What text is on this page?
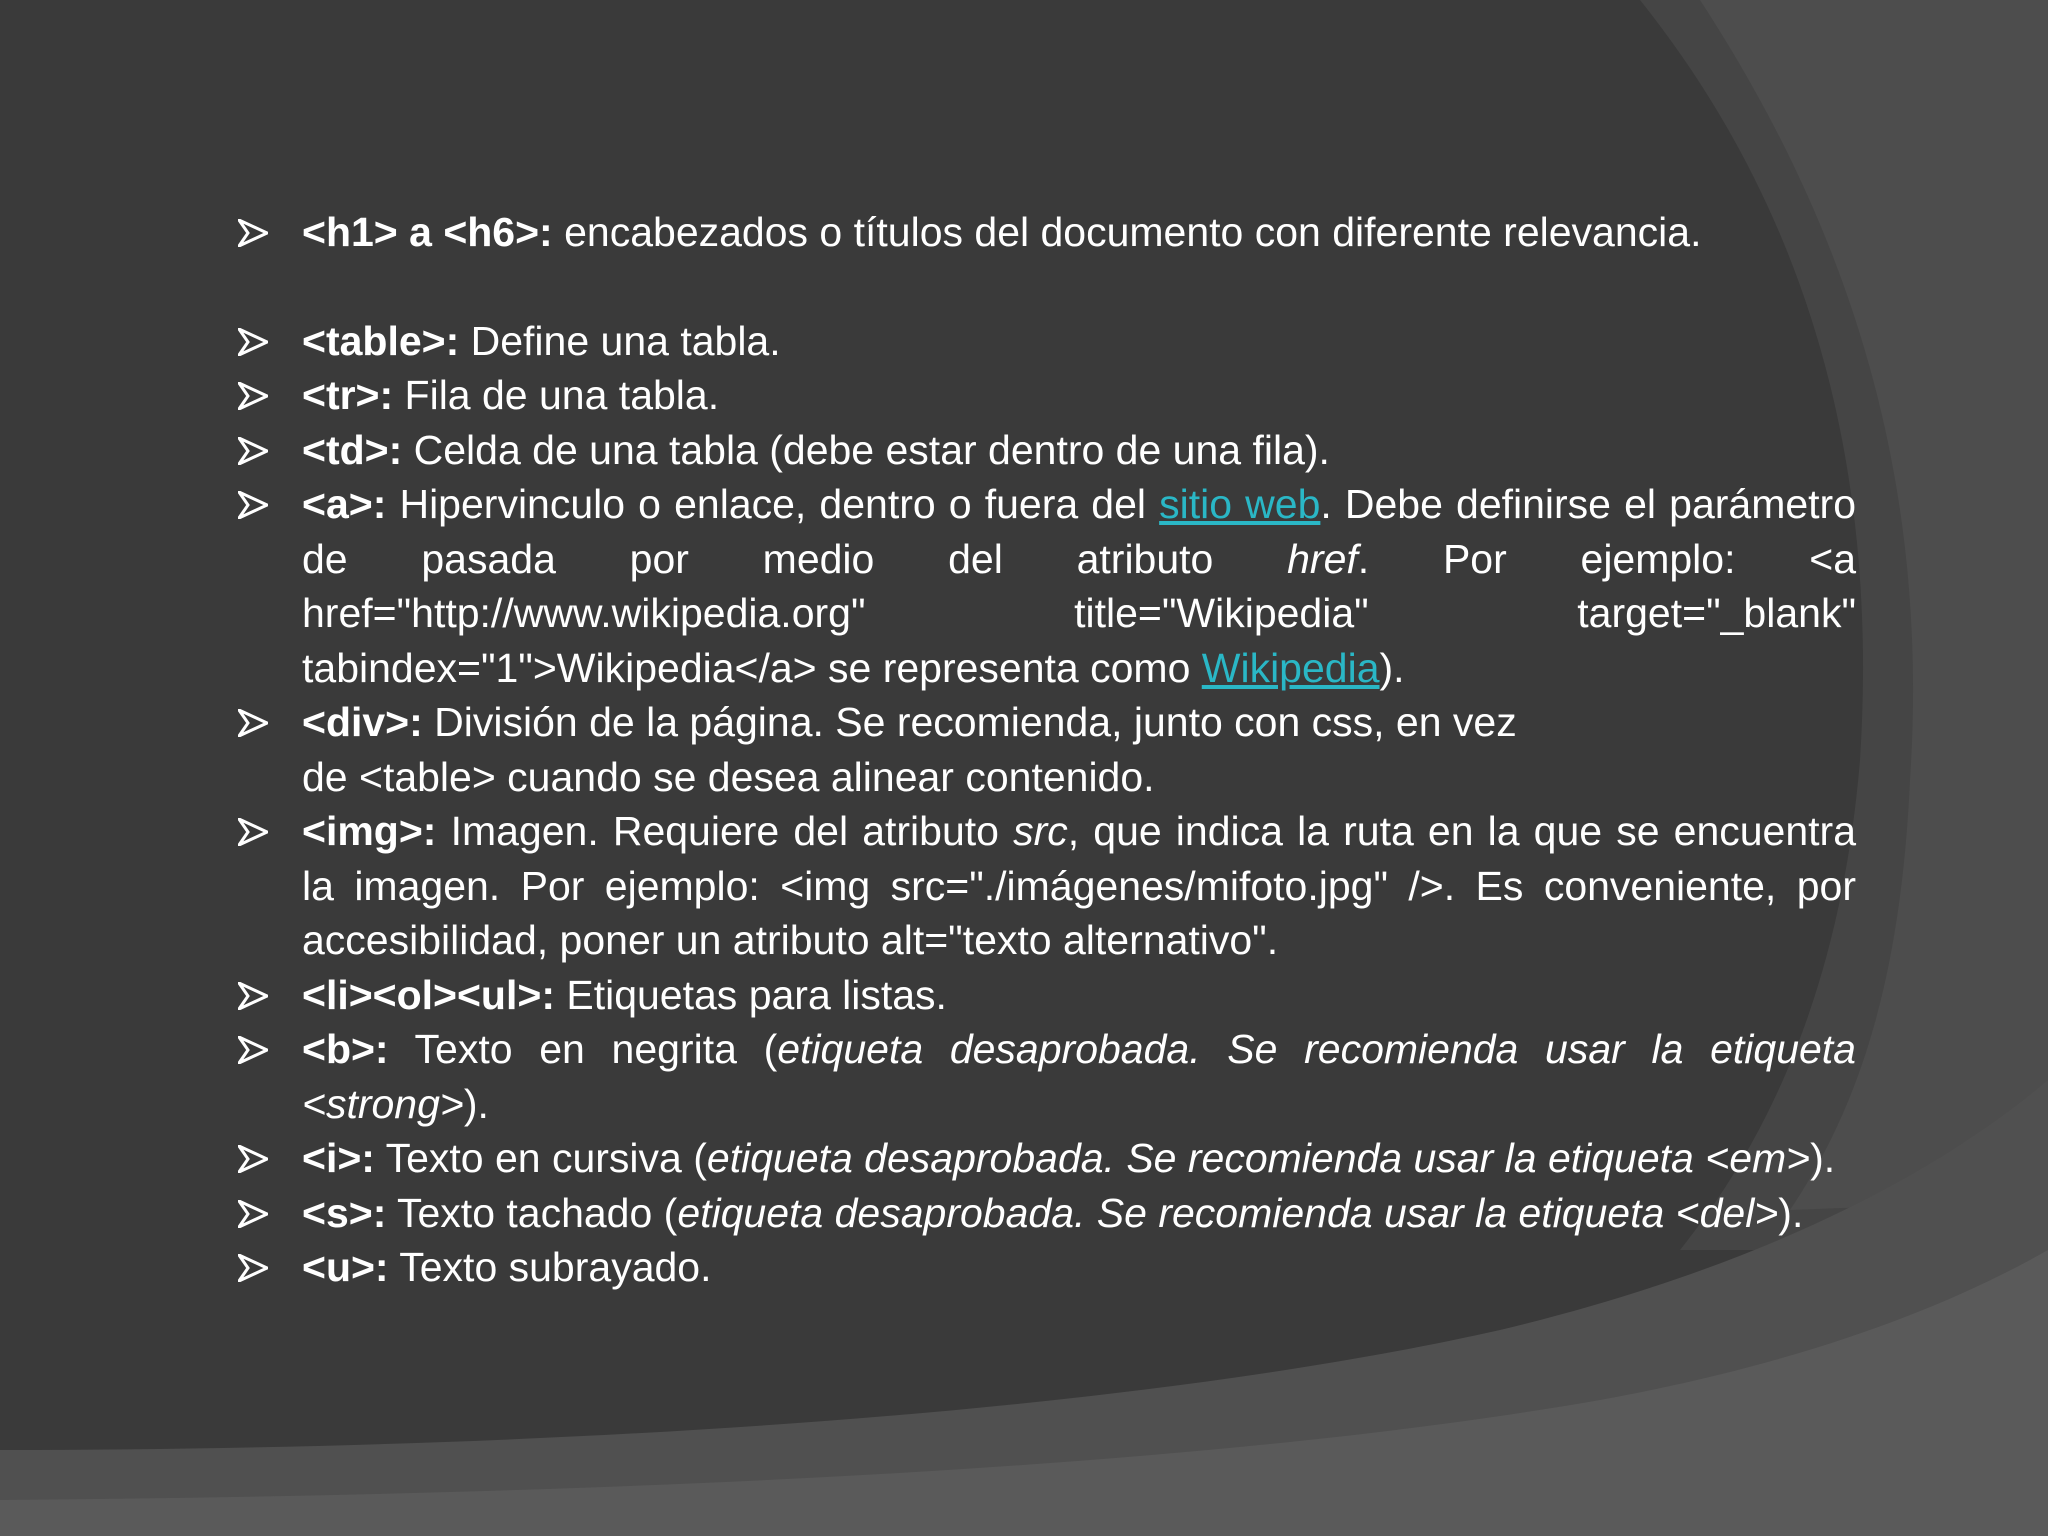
<h1> a <h6>: encabezados o títulos del documento con diferente relevancia.
<table>: Define una tabla.
<tr>: Fila de una tabla.
<td>: Celda de una tabla (debe estar dentro de una fila).
<a>: Hipervinculo o enlace, dentro o fuera del sitio web. Debe definirse el parámetro de pasada por medio del atributo href. Por ejemplo: <a href="http://www.wikipedia.org" title="Wikipedia" target="_blank" tabindex="1">Wikipedia</a> se representa como Wikipedia).
<div>: División de la página. Se recomienda, junto con css, en vez
de <table> cuando se desea alinear contenido.
<img>: Imagen. Requiere del atributo src, que indica la ruta en la que se encuentra la imagen. Por ejemplo: <img src="./imágenes/mifoto.jpg" />. Es conveniente, por accesibilidad, poner un atributo alt="texto alternativo".
<li><ol><ul>: Etiquetas para listas.
<b>: Texto en negrita (etiqueta desaprobada. Se recomienda usar la etiqueta <strong>).
<i>: Texto en cursiva (etiqueta desaprobada. Se recomienda usar la etiqueta <em>).
<s>: Texto tachado (etiqueta desaprobada. Se recomienda usar la etiqueta <del>).
<u>: Texto subrayado.
